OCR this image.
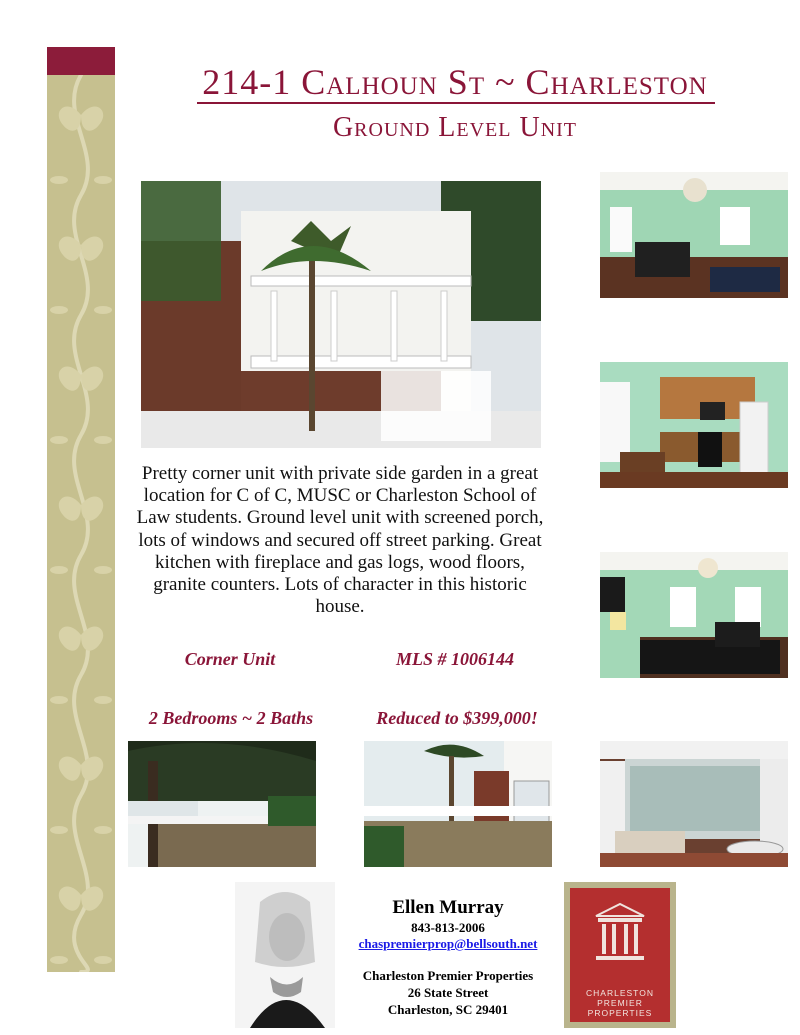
214-1 Calhoun St ~ Charleston
Ground Level Unit
Pretty corner unit with private side garden in a great location for C of C, MUSC or Charleston School of Law students. Ground level unit with screened porch, lots of windows and secured off street parking. Great kitchen with fireplace and gas logs, wood floors, granite counters. Lots of character in this historic house.
Corner Unit	MLS # 1006144
2 Bedrooms ~ 2 Baths	Reduced to $399,000!
Ellen Murray
843-813-2006
chaspremierprop@bellsouth.net
Charleston Premier Properties
26 State Street
Charleston, SC 29401
CHARLESTON
PREMIER
PROPERTIES
